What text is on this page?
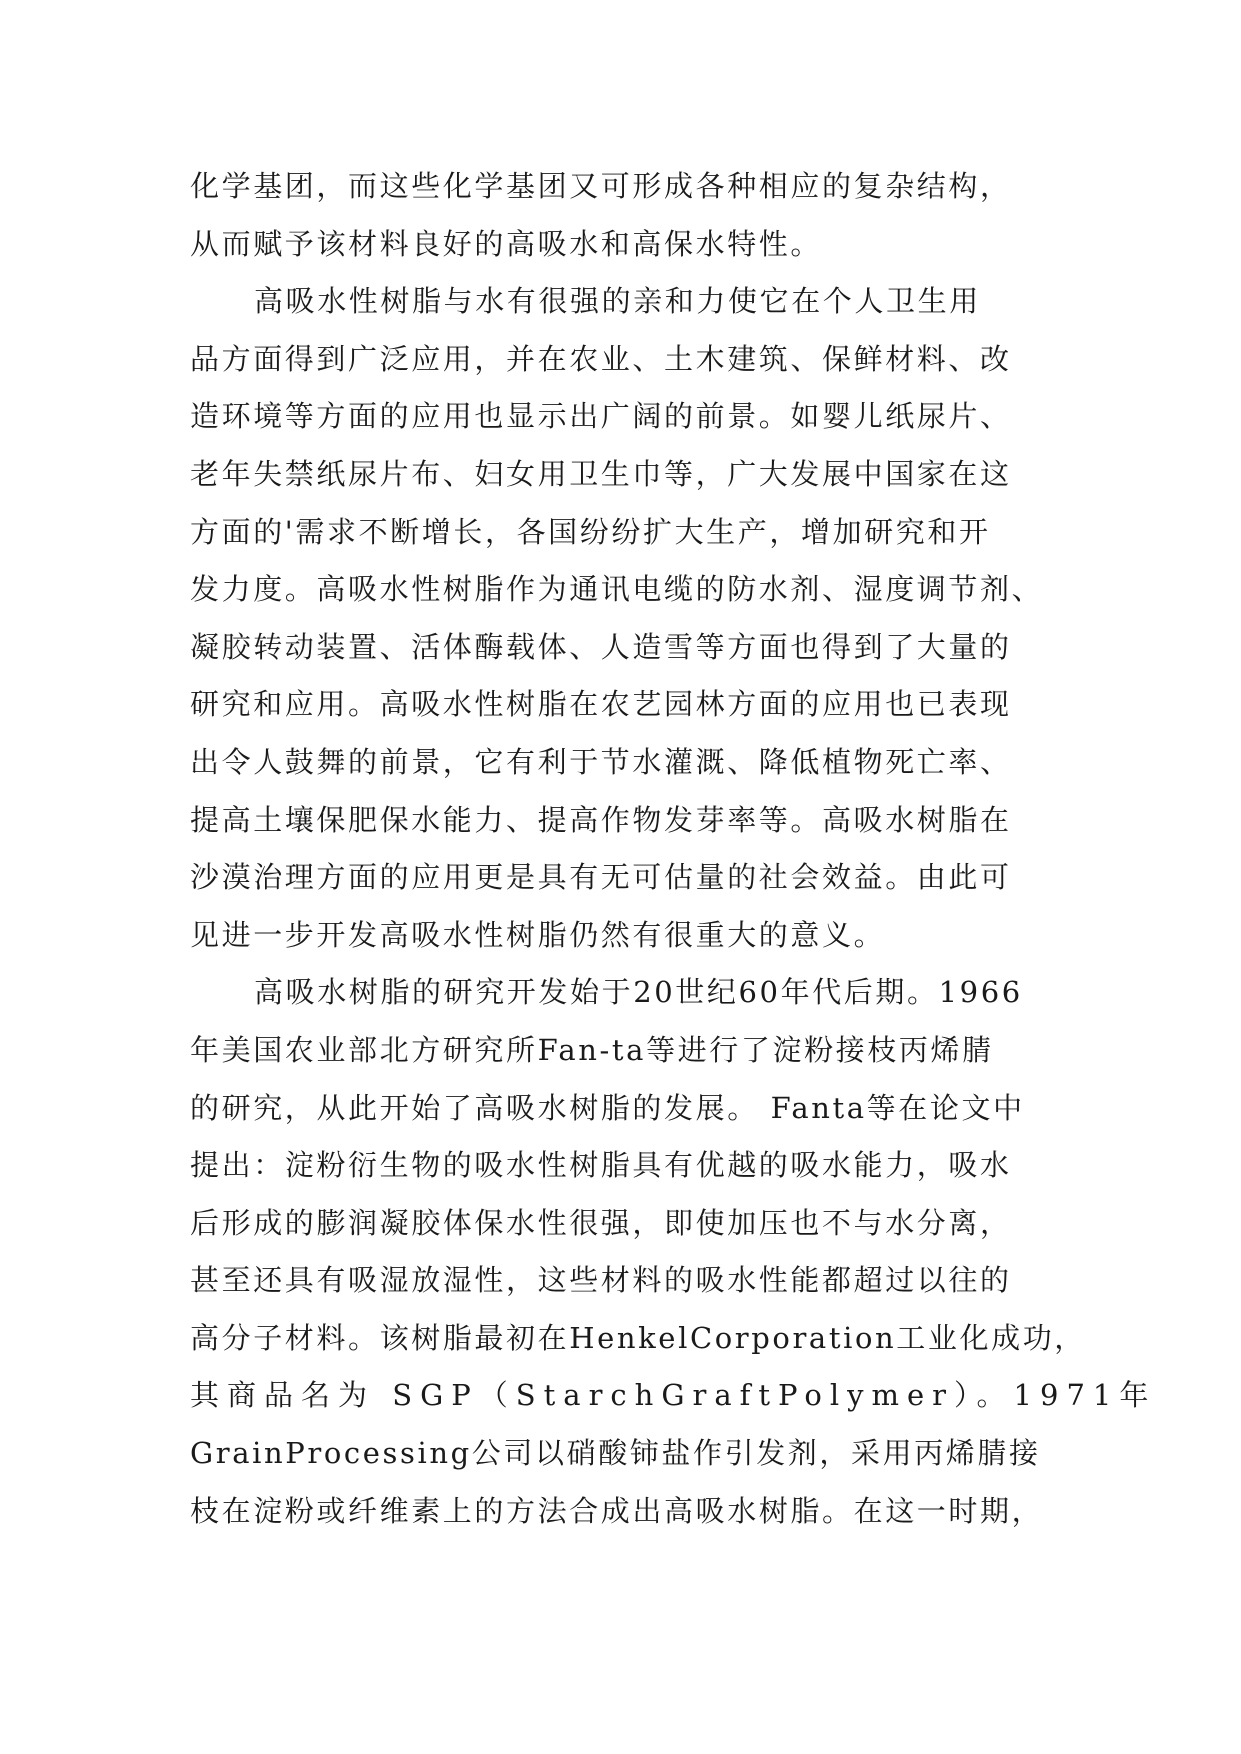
化学基团，而这些化学基团又可形成各种相应的复杂结构，
从而赋予该材料良好的高吸水和高保水特性。
高吸水性树脂与水有很强的亲和力使它在个人卫生用
品方面得到广泛应用，并在农业、土木建筑、保鲜材料、改
造环境等方面的应用也显示出广阔的前景。如婴儿纸尿片、
老年失禁纸尿片布、妇女用卫生巾等，广大发展中国家在这
方面的'需求不断增长，各国纷纷扩大生产，增加研究和开
发力度。高吸水性树脂作为通讯电缆的防水剂、湿度调节剂、
凝胶转动装置、活体酶载体、人造雪等方面也得到了大量的
研究和应用。高吸水性树脂在农艺园林方面的应用也已表现
出令人鼓舞的前景，它有利于节水灌溉、降低植物死亡率、
提高土壤保肥保水能力、提高作物发芽率等。高吸水树脂在
沙漠治理方面的应用更是具有无可估量的社会效益。由此可
见进一步开发高吸水性树脂仍然有很重大的意义。
高吸水树脂的研究开发始于20世纪60年代后期。1966
年美国农业部北方研究所Fan-ta等进行了淀粉接枝丙烯腈
的研究，从此开始了高吸水树脂的发展。 Fanta等在论文中
提出：淀粉衍生物的吸水性树脂具有优越的吸水能力，吸水
后形成的膨润凝胶体保水性很强，即使加压也不与水分离，
甚至还具有吸湿放湿性，这些材料的吸水性能都超过以往的
高分子材料。该树脂最初在HenkelCorporation工业化成功，
其商品名为 SGP（StarchGraftPolymer）。1971年
GrainProcessing公司以硝酸铈盐作引发剂，采用丙烯腈接
枝在淀粉或纤维素上的方法合成出高吸水树脂。在这一时期，
